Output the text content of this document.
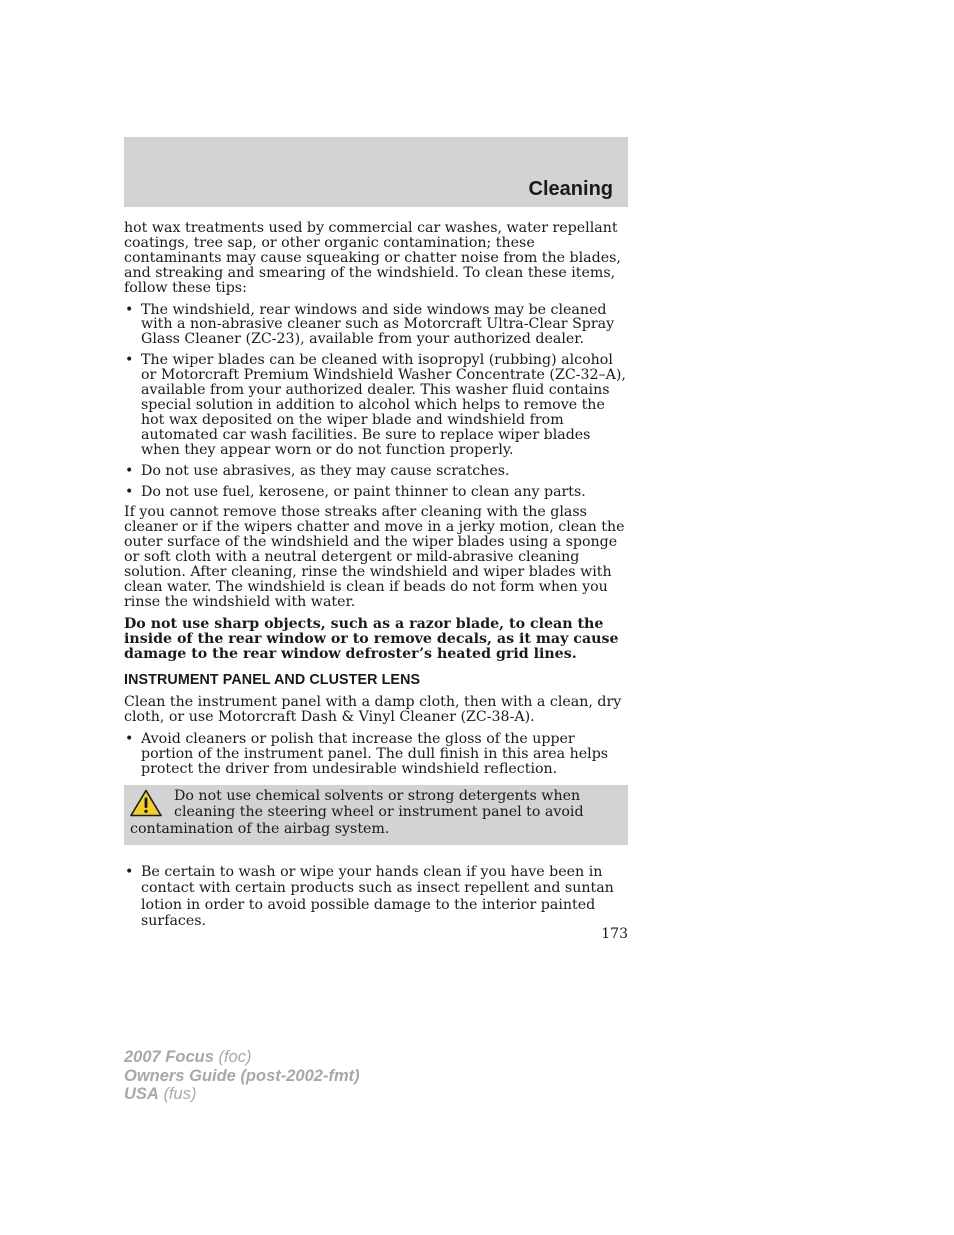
Cleaning

hot wax treatments used by commercial car washes, water repellant coatings, tree sap, or other organic contamination; these contaminants may cause squeaking or chatter noise from the blades, and streaking and smearing of the windshield. To clean these items, follow these tips:

• The windshield, rear windows and side windows may be cleaned with a non-abrasive cleaner such as Motorcraft Ultra-Clear Spray Glass Cleaner (ZC-23), available from your authorized dealer.
• The wiper blades can be cleaned with isopropyl (rubbing) alcohol or Motorcraft Premium Windshield Washer Concentrate (ZC-32–A), available from your authorized dealer. This washer fluid contains special solution in addition to alcohol which helps to remove the hot wax deposited on the wiper blade and windshield from automated car wash facilities. Be sure to replace wiper blades when they appear worn or do not function properly.
• Do not use abrasives, as they may cause scratches.
• Do not use fuel, kerosene, or paint thinner to clean any parts.

If you cannot remove those streaks after cleaning with the glass cleaner or if the wipers chatter and move in a jerky motion, clean the outer surface of the windshield and the wiper blades using a sponge or soft cloth with a neutral detergent or mild-abrasive cleaning solution. After cleaning, rinse the windshield and wiper blades with clean water. The windshield is clean if beads do not form when you rinse the windshield with water.

Do not use sharp objects, such as a razor blade, to clean the inside of the rear window or to remove decals, as it may cause damage to the rear window defroster’s heated grid lines.

INSTRUMENT PANEL AND CLUSTER LENS

Clean the instrument panel with a damp cloth, then with a clean, dry cloth, or use Motorcraft Dash & Vinyl Cleaner (ZC-38-A).

• Avoid cleaners or polish that increase the gloss of the upper portion of the instrument panel. The dull finish in this area helps protect the driver from undesirable windshield reflection.
Do not use chemical solvents or strong detergents when cleaning the steering wheel or instrument panel to avoid contamination of the airbag system.
• Be certain to wash or wipe your hands clean if you have been in contact with certain products such as insect repellent and suntan lotion in order to avoid possible damage to the interior painted surfaces.
173
2007 Focus (foc)
Owners Guide (post-2002-fmt)
USA (fus)
